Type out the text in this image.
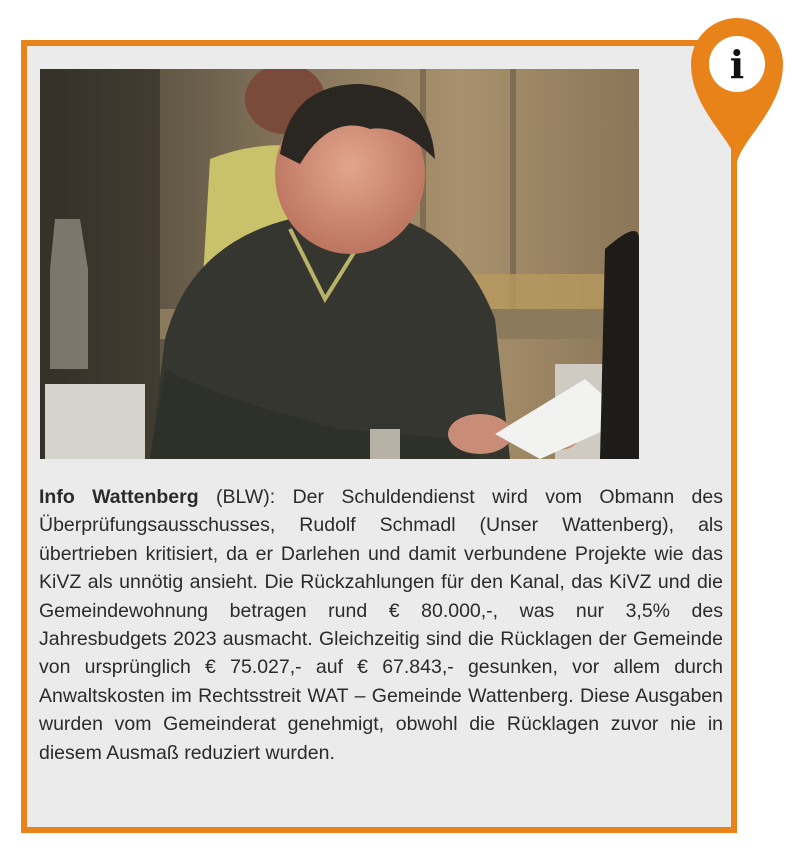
Info Wattenberg (BLW): Der Schuldendienst wird vom Obmann des Überprüfungsausschusses, Rudolf Schmadl (Unser Wattenberg), als übertrieben kritisiert, da er Darlehen und damit verbundene Projekte wie das KiVZ als unnötig ansieht. Die Rückzahlungen für den Kanal, das KiVZ und die Gemeindewohnung betragen rund € 80.000,-, was nur 3,5% des Jahresbudgets 2023 ausmacht. Gleichzeitig sind die Rücklagen der Gemeinde von ursprünglich € 75.027,- auf € 67.843,- gesunken, vor allem durch Anwaltskosten im Rechtsstreit WAT – Gemeinde Wattenberg. Diese Ausgaben wurden vom Gemeinderat genehmigt, obwohl die Rücklagen zuvor nie in diesem Ausmaß reduziert wurden.

i
